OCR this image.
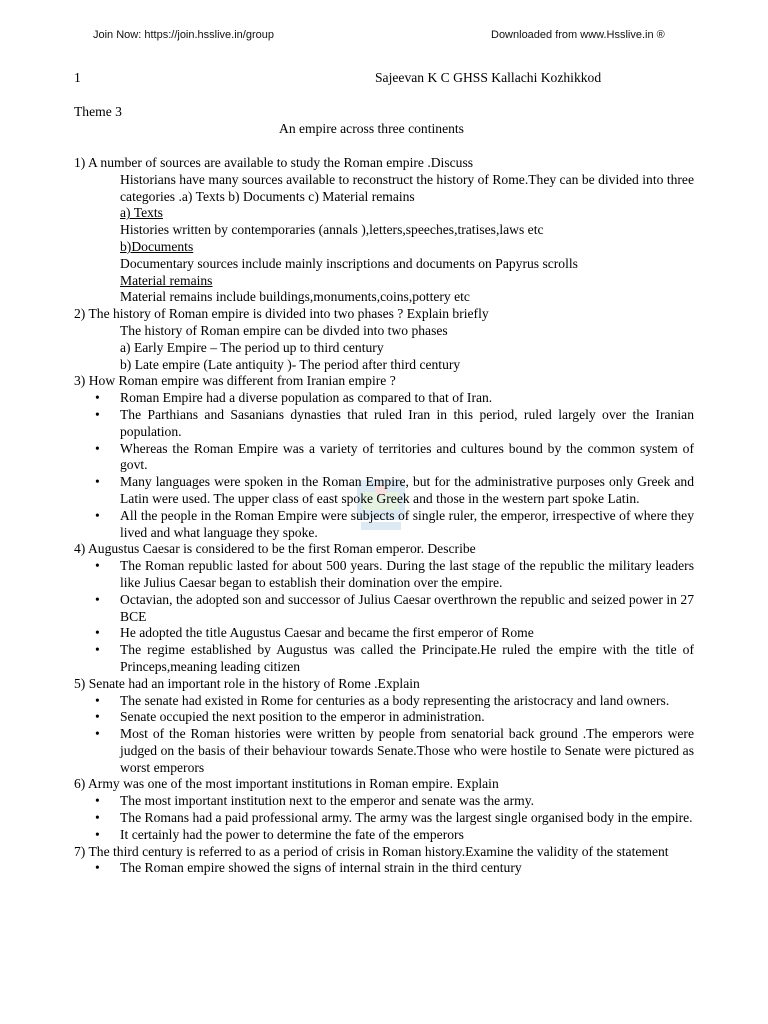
Join Now: https://join.hsslive.in/group	Downloaded from www.Hsslive.in ®
1	Sajeevan K C GHSS Kallachi Kozhikkod
Theme 3
An empire across three continents
1) A number of sources are available to study the Roman empire .Discuss
Historians have many sources available to reconstruct the history of Rome.They can be divided into three categories .a) Texts b) Documents c) Material remains
a) Texts
Histories written by contemporaries (annals ),letters,speeches,tratises,laws etc
b)Documents
Documentary sources include mainly inscriptions and documents on Papyrus scrolls
Material remains
Material remains include buildings,monuments,coins,pottery etc
2) The history of Roman empire is divided into two phases ? Explain briefly
The history of Roman empire can be divded into two phases
a) Early Empire – The period up to third century
b) Late empire (Late antiquity )- The period after third century
3) How Roman empire was different from Iranian empire ?
• Roman Empire had a diverse population as compared to that of Iran.
• The Parthians and Sasanians dynasties that ruled Iran in this period, ruled largely over the Iranian population.
• Whereas the Roman Empire was a variety of territories and cultures bound by the common system of govt.
• Many languages were spoken in the Roman Empire, but for the administrative purposes only Greek and Latin were used. The upper class of east spoke Greek and those in the western part spoke Latin.
• All the people in the Roman Empire were subjects of single ruler, the emperor, irrespective of where they lived and what language they spoke.
4) Augustus Caesar is considered to be the first Roman emperor. Describe
• The Roman republic lasted for about 500 years. During the last stage of the republic the military leaders like Julius Caesar began to establish their domination over the empire.
• Octavian, the adopted son and successor of Julius Caesar overthrown the republic and seized power in 27 BCE
• He adopted the title Augustus Caesar and became the first emperor of Rome
• The regime established by Augustus was called the Principate.He ruled the empire with the title of Princeps,meaning leading citizen
5) Senate had an important role in the history of Rome .Explain
• The senate had existed in Rome for centuries as a body representing the aristocracy and land owners.
• Senate occupied the next position to the emperor in administration.
• Most of the Roman histories were written by people from senatorial back ground .The emperors were judged on the basis of their behaviour towards Senate.Those who were hostile to Senate were pictured as worst emperors
6) Army was one of the most important institutions in Roman empire. Explain
• The most important institution next to the emperor and senate was the army.
• The Romans had a paid professional army. The army was the largest single organised body in the empire.
• It certainly had the power to determine the fate of the emperors
7) The third century is referred to as a period of crisis in Roman history.Examine the validity of the statement
• The Roman empire showed the signs of internal strain in the third century
